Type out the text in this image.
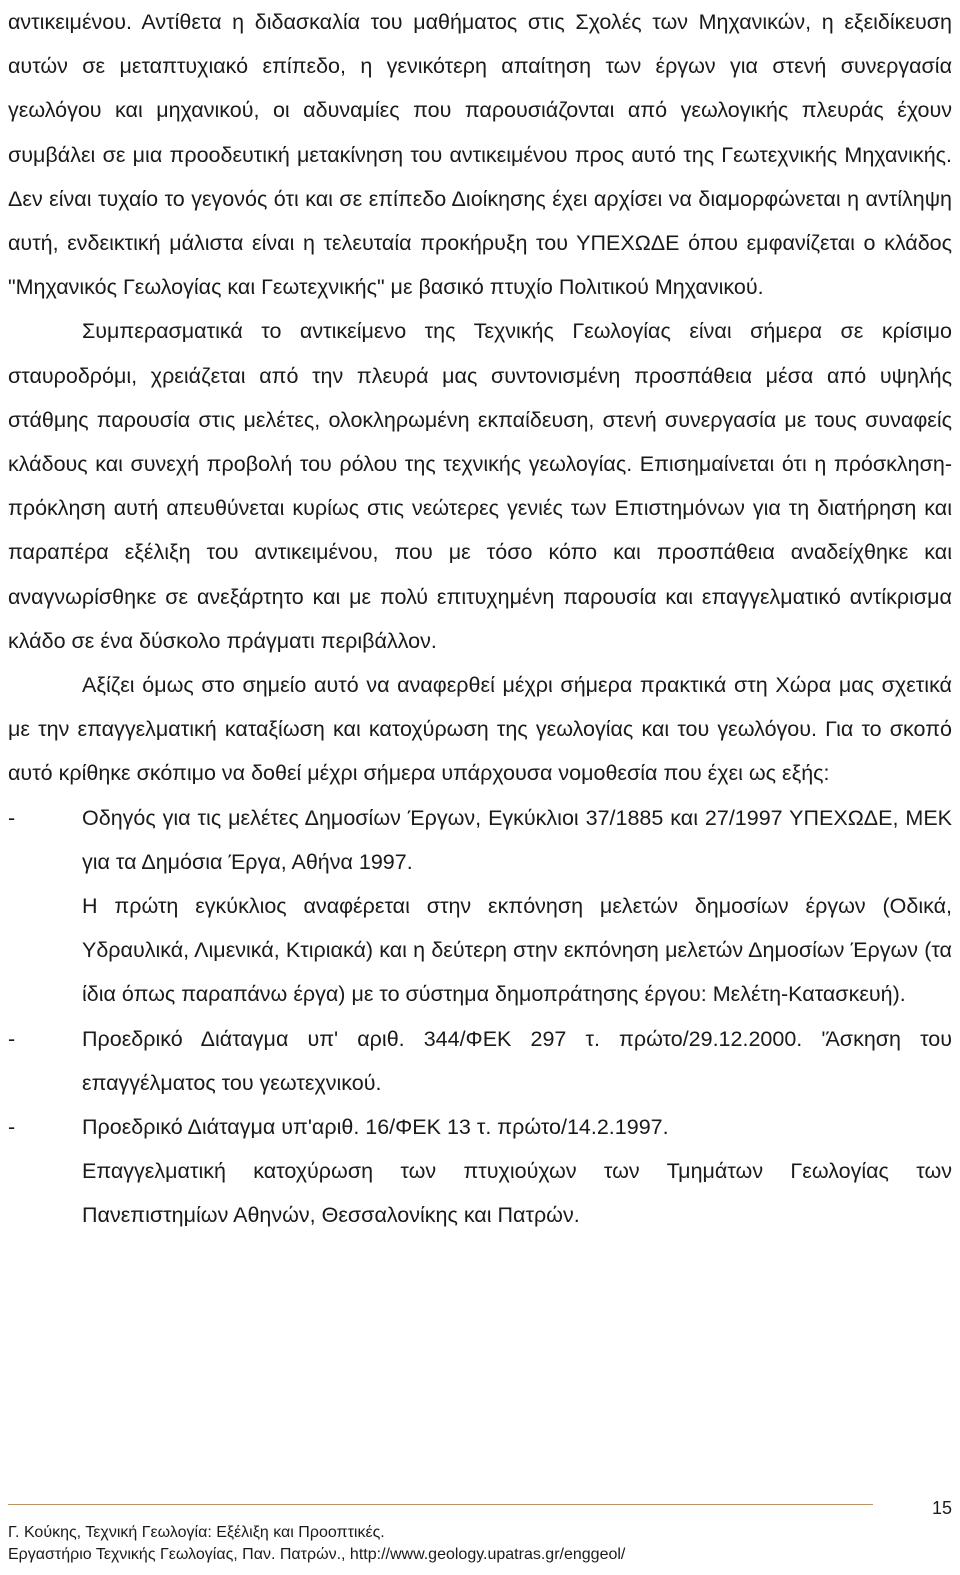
αντικειμένου. Αντίθετα η διδασκαλία του μαθήματος στις Σχολές των Μηχανικών, η εξειδίκευση αυτών σε μεταπτυχιακό επίπεδο, η γενικότερη απαίτηση των έργων για στενή συνεργασία γεωλόγου και μηχανικού, οι αδυναμίες που παρουσιάζονται από γεωλογικής πλευράς έχουν συμβάλει σε μια προοδευτική μετακίνηση του αντικειμένου προς αυτό της Γεωτεχνικής Μηχανικής. Δεν είναι τυχαίο το γεγονός ότι και σε επίπεδο Διοίκησης έχει αρχίσει να διαμορφώνεται η αντίληψη αυτή, ενδεικτική μάλιστα είναι η τελευταία προκήρυξη του ΥΠΕΧΩΔΕ όπου εμφανίζεται ο κλάδος "Μηχανικός Γεωλογίας και Γεωτεχνικής" με βασικό πτυχίο Πολιτικού Μηχανικού.

Συμπερασματικά το αντικείμενο της Τεχνικής Γεωλογίας είναι σήμερα σε κρίσιμο σταυροδρόμι, χρειάζεται από την πλευρά μας συντονισμένη προσπάθεια μέσα από υψηλής στάθμης παρουσία στις μελέτες, ολοκληρωμένη εκπαίδευση, στενή συνεργασία με τους συναφείς κλάδους και συνεχή προβολή του ρόλου της τεχνικής γεωλογίας. Επισημαίνεται ότι η πρόσκληση-πρόκληση αυτή απευθύνεται κυρίως στις νεώτερες γενιές των Επιστημόνων για τη διατήρηση και παραπέρα εξέλιξη του αντικειμένου, που με τόσο κόπο και προσπάθεια αναδείχθηκε και αναγνωρίσθηκε σε ανεξάρτητο και με πολύ επιτυχημένη παρουσία και επαγγελματικό αντίκρισμα κλάδο σε ένα δύσκολο πράγματι περιβάλλον.

Αξίζει όμως στο σημείο αυτό να αναφερθεί μέχρι σήμερα πρακτικά στη Χώρα μας σχετικά με την επαγγελματική καταξίωση και κατοχύρωση της γεωλογίας και του γεωλόγου. Για το σκοπό αυτό κρίθηκε σκόπιμο να δοθεί μέχρι σήμερα υπάρχουσα νομοθεσία που έχει ως εξής:

-	Οδηγός για τις μελέτες Δημοσίων Έργων, Εγκύκλιοι 37/1885 και 27/1997 ΥΠΕΧΩΔΕ, ΜΕΚ για τα Δημόσια Έργα, Αθήνα 1997.

Η πρώτη εγκύκλιος αναφέρεται στην εκπόνηση μελετών δημοσίων έργων (Οδικά, Υδραυλικά, Λιμενικά, Κτιριακά) και η δεύτερη στην εκπόνηση μελετών Δημοσίων Έργων (τα ίδια όπως παραπάνω έργα) με το σύστημα δημοπράτησης έργου: Μελέτη-Κατασκευή).

-	Προεδρικό Διάταγμα υπ' αριθ. 344/ΦΕΚ 297 τ. πρώτο/29.12.2000. 'Άσκηση του επαγγέλματος του γεωτεχνικού.

-	Προεδρικό Διάταγμα υπ'αριθ. 16/ΦΕΚ 13 τ. πρώτο/14.2.1997.

Επαγγελματική κατοχύρωση των πτυχιούχων των Τμημάτων Γεωλογίας των Πανεπιστημίων Αθηνών, Θεσσαλονίκης και Πατρών.

15
Γ. Κούκης, Τεχνική Γεωλογία: Εξέλιξη και Προοπτικές.
Εργαστήριο Τεχνικής Γεωλογίας, Παν. Πατρών., http://www.geology.upatras.gr/enggeol/
